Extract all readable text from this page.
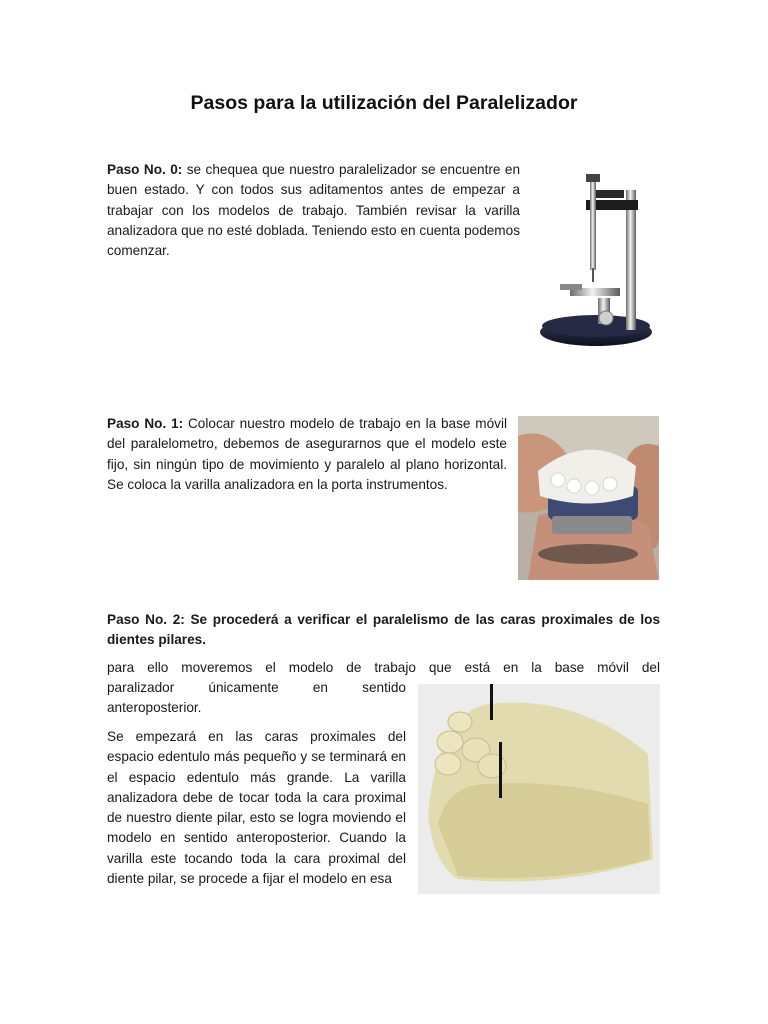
Pasos para la utilización del Paralelizador

Paso No. 0: se chequea que nuestro paralelizador se encuentre en buen estado. Y con todos sus aditamentos antes de empezar a trabajar con los modelos de trabajo. También revisar la varilla analizadora que no esté doblada. Teniendo esto en cuenta podemos comenzar.

Paso No. 1: Colocar nuestro modelo de trabajo en la base móvil del paralelometro, debemos de asegurarnos que el modelo este fijo, sin ningún tipo de movimiento y paralelo al plano horizontal. Se coloca la varilla analizadora en la porta instrumentos.

Paso No. 2: Se procederá a verificar el paralelismo de las caras proximales de los dientes pilares.

para ello moveremos el modelo de trabajo que está en la base móvil del

paralizador únicamente en sentido anteroposterior.

Se empezará en las caras proximales del espacio edentulo más pequeño y se terminará en el espacio edentulo más grande. La varilla analizadora debe de tocar toda la cara proximal de nuestro diente pilar, esto se logra moviendo el modelo en sentido anteroposterior. Cuando la varilla este tocando toda la cara proximal del diente pilar, se procede a fijar el modelo en esa
